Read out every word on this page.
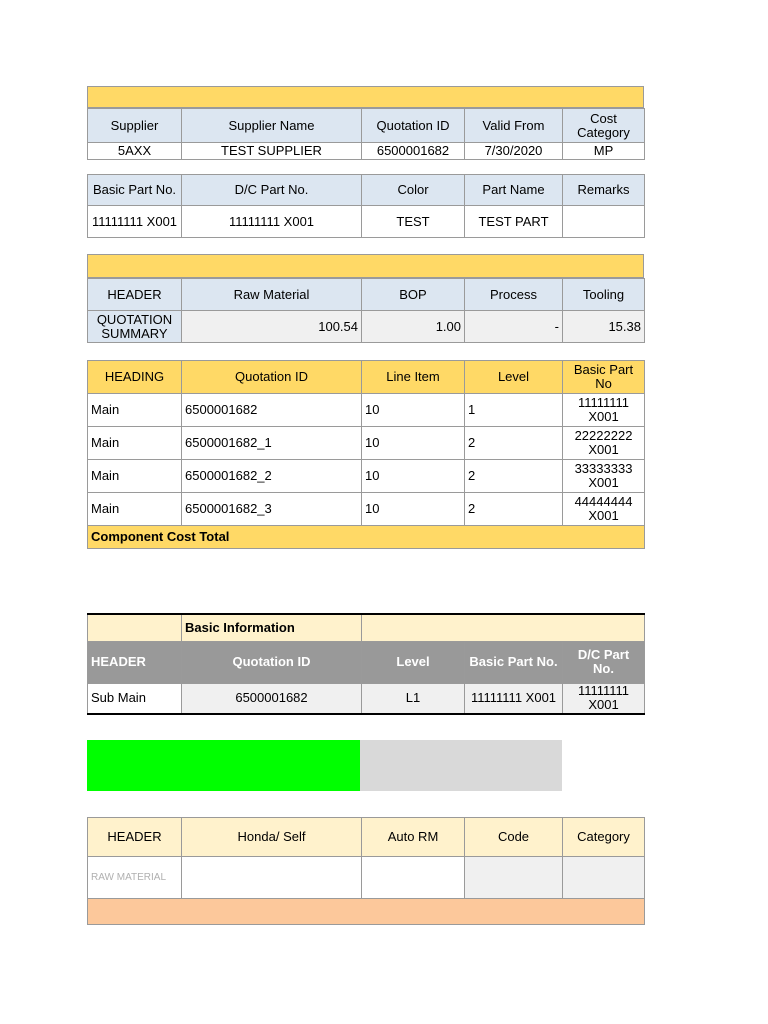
Supplier	Supplier Name	Quotation ID	Valid From	Cost Category
5AXX	TEST SUPPLIER	6500001682	7/30/2020	MP
Basic Part No.	D/C Part No.	Color	Part Name	Remarks
11111111 X001	11111111 X001	TEST	TEST PART	
HEADER	Raw Material	BOP	Process	Tooling
QUOTATION SUMMARY	100.54	1.00	-	15.38
HEADING	Quotation ID	Line Item	Level	Basic Part No
Main	6500001682	10	1	11111111 X001
Main	6500001682_1	10	2	22222222 X001
Main	6500001682_2	10	2	33333333 X001
Main	6500001682_3	10	2	44444444 X001
Component Cost Total				
	Basic Information			
HEADER	Quotation ID	Level	Basic Part No.	D/C Part No.
Sub Main	6500001682	L1	11111111 X001	11111111 X001
HEADER	Honda/ Self	Auto RM	Code	Category
RAW MATERIAL				
